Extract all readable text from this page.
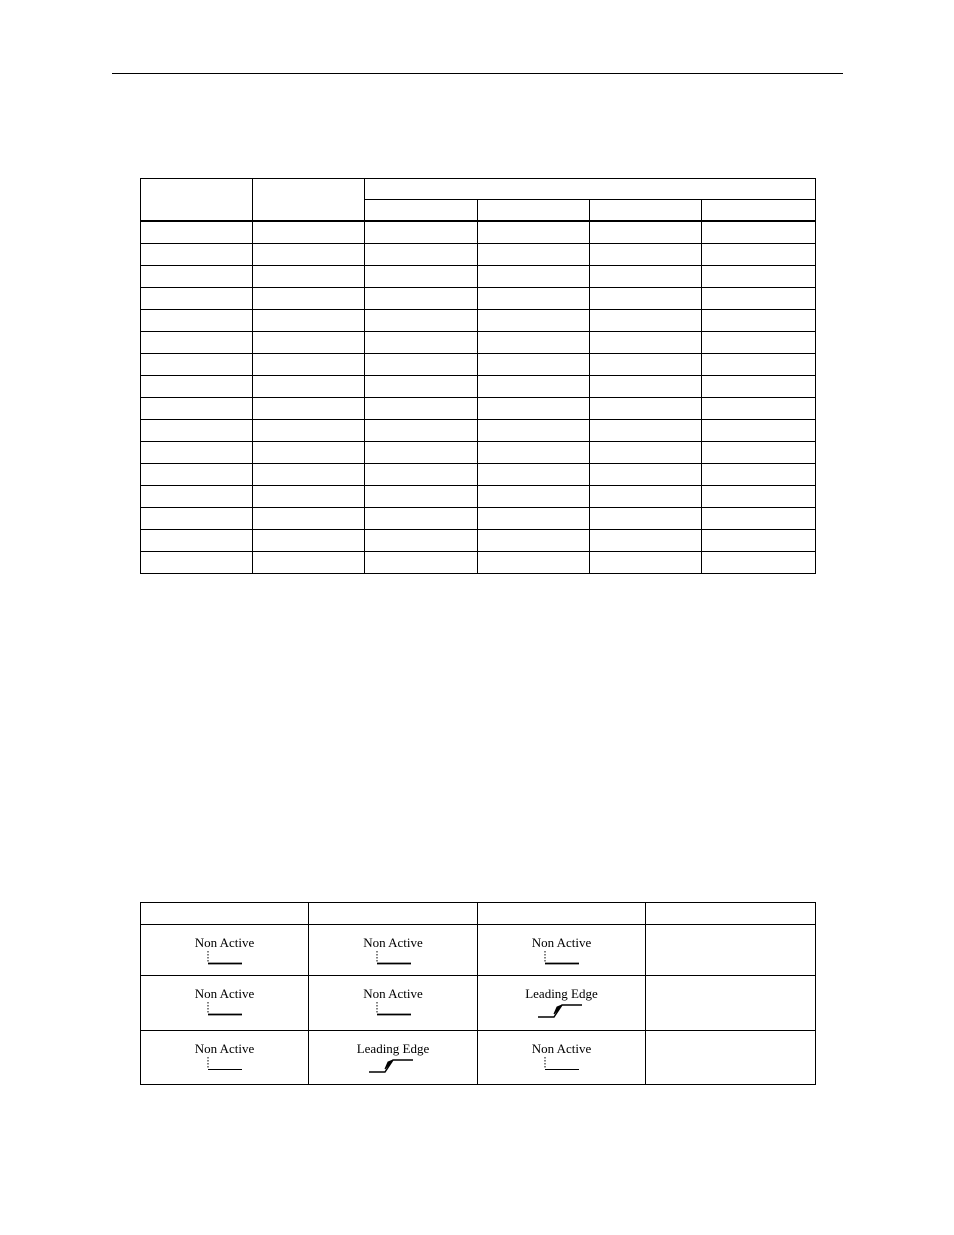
Non Active	Non Active	Non Active	

Non Active	Non Active	Leading Edge	

Non Active	Leading Edge	Non Active	
